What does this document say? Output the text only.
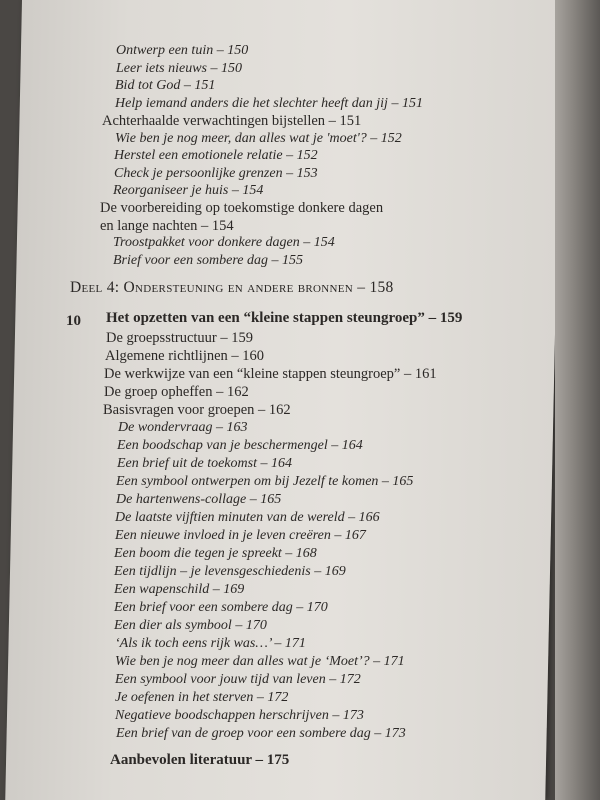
Ontwerp een tuin – 150
Leer iets nieuws – 150
Bid tot God – 151
Help iemand anders die het slechter heeft dan jij – 151
Achterhaalde verwachtingen bijstellen – 151
Wie ben je nog meer, dan alles wat je 'moet'? – 152
Herstel een emotionele relatie – 152
Check je persoonlijke grenzen – 153
Reorganiseer je huis – 154
De voorbereiding op toekomstige donkere dagen
en lange nachten – 154
Troostpakket voor donkere dagen – 154
Brief voor een sombere dag – 155
Deel 4: Ondersteuning en andere bronnen – 158
10 Het opzetten van een “kleine stappen steungroep” – 159
De groepsstructuur – 159
Algemene richtlijnen – 160
De werkwijze van een “kleine stappen steungroep” – 161
De groep opheffen – 162
Basisvragen voor groepen – 162
De wondervraag – 163
Een boodschap van je beschermengel – 164
Een brief uit de toekomst – 164
Een symbool ontwerpen om bij Jezelf te komen – 165
De hartenwens-collage – 165
De laatste vijftien minuten van de wereld – 166
Een nieuwe invloed in je leven creëren – 167
Een boom die tegen je spreekt – 168
Een tijdlijn – je levensgeschiedenis – 169
Een wapenschild – 169
Een brief voor een sombere dag – 170
Een dier als symbool – 170
‘Als ik toch eens rijk was…’ – 171
Wie ben je nog meer dan alles wat je ‘Moet’? – 171
Een symbool voor jouw tijd van leven – 172
Je oefenen in het sterven – 172
Negatieve boodschappen herschrijven – 173
Een brief van de groep voor een sombere dag – 173
Aanbevolen literatuur – 175
